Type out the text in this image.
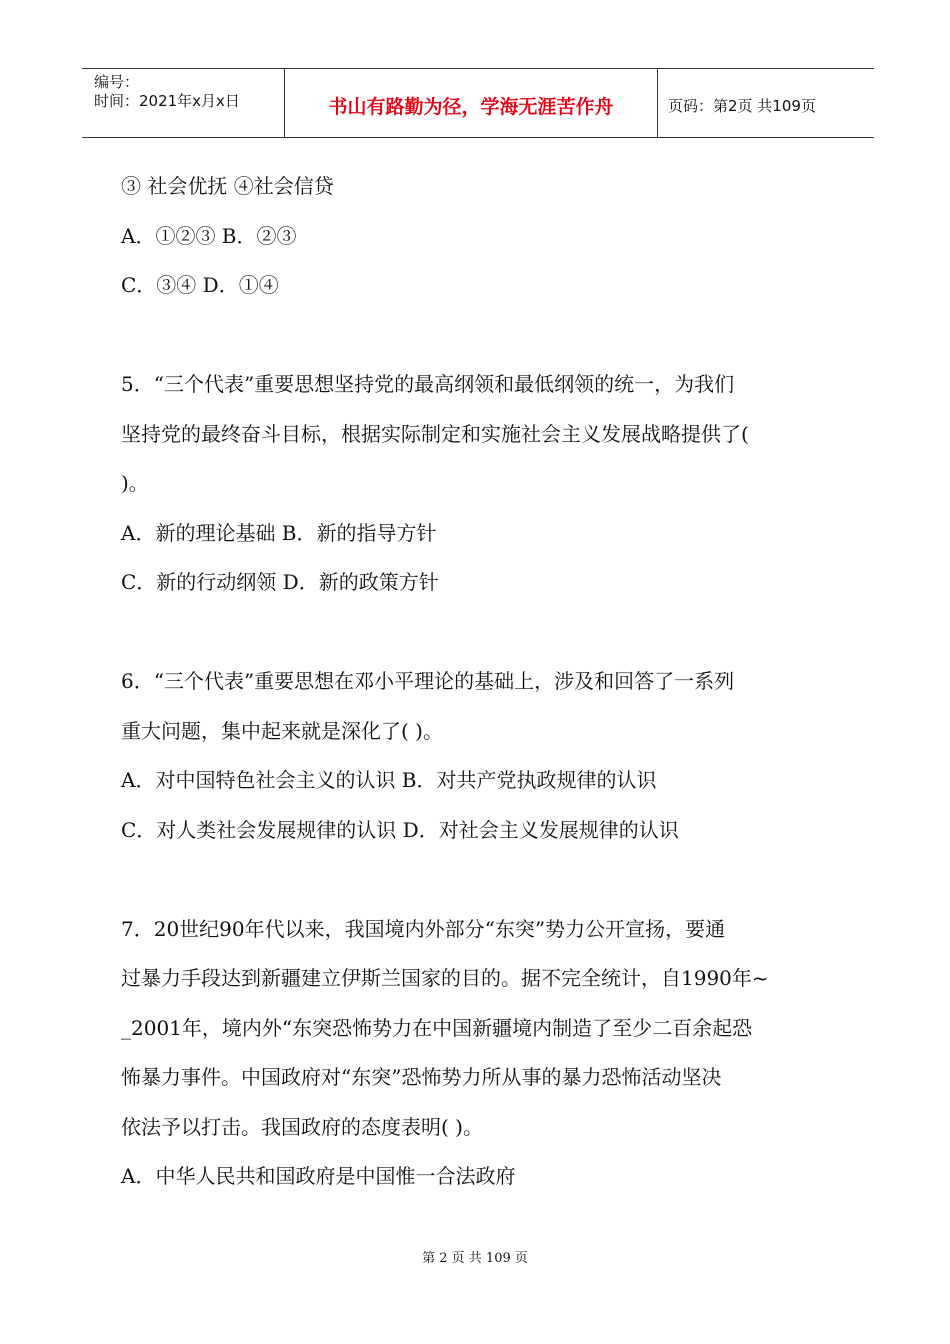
编号：
时间：2021年x月x日	书山有路勤为径，学海无涯苦作舟	页码：第2页 共109页
③ 社会优抚 ④社会信贷
A．①②③ B．②③
C．③④ D．①④
5．“三个代表”重要思想坚持党的最高纲领和最低纲领的统一，为我们
坚持党的最终奋斗目标，根据实际制定和实施社会主义发展战略提供了(
)。
A．新的理论基础 B．新的指导方针
C．新的行动纲领 D．新的政策方针
6．“三个代表”重要思想在邓小平理论的基础上，涉及和回答了一系列
重大问题，集中起来就是深化了( )。
A．对中国特色社会主义的认识 B．对共产党执政规律的认识
C．对人类社会发展规律的认识 D．对社会主义发展规律的认识
7．20世纪90年代以来，我国境内外部分“东突”势力公开宣扬，要通
过暴力手段达到新疆建立伊斯兰国家的目的。据不完全统计，自1990年~
_2001年，境内外“东突恐怖势力在中国新疆境内制造了至少二百余起恐
怖暴力事件。中国政府对“东突”恐怖势力所从事的暴力恐怖活动坚决
依法予以打击。我国政府的态度表明( )。
A．中华人民共和国政府是中国惟一合法政府
第 2 页 共 109 页
